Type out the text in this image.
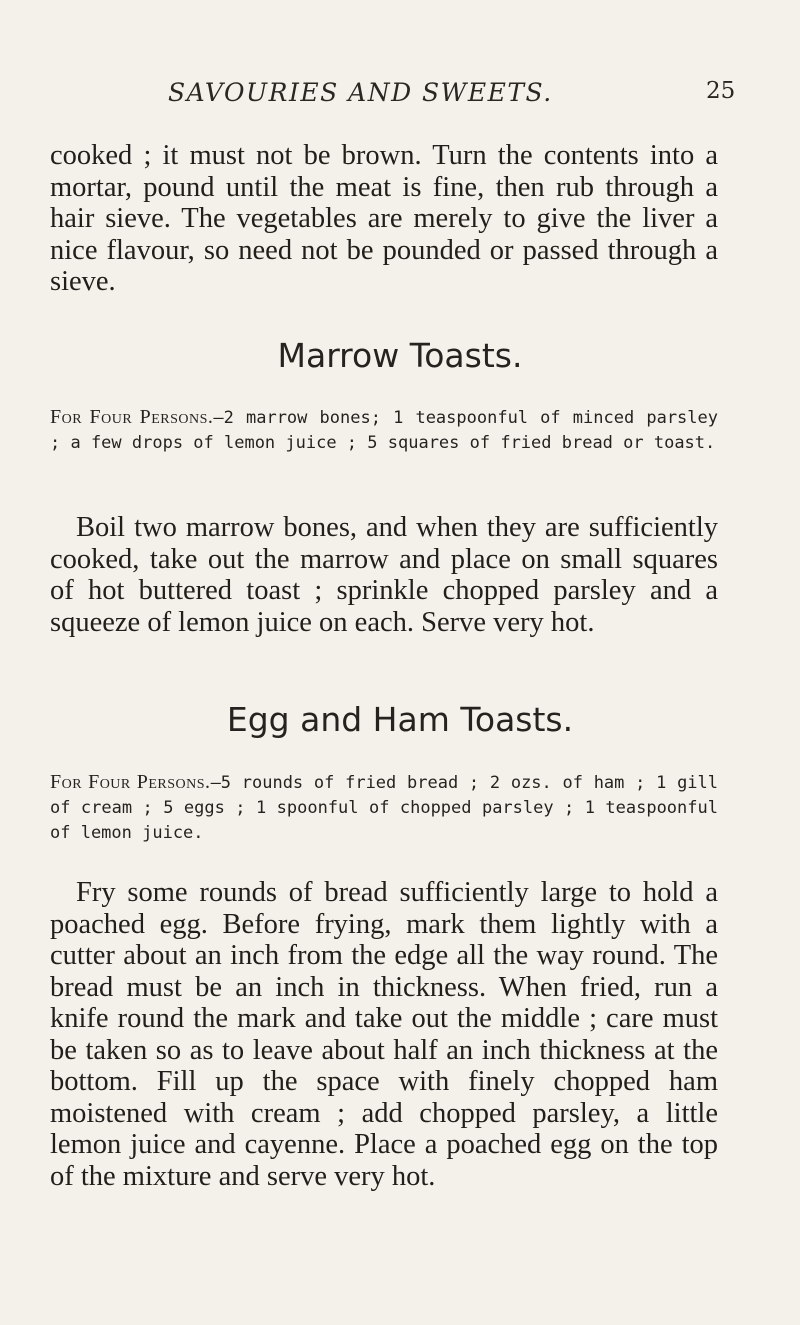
SAVOURIES AND SWEETS.	25

cooked ; it must not be brown. Turn the contents into a mortar, pound until the meat is fine, then rub through a hair sieve. The vegetables are merely to give the liver a nice flavour, so need not be pounded or passed through a sieve.

Marrow Toasts.

For Four Persons.—2 marrow bones; 1 teaspoonful of minced parsley ; a few drops of lemon juice ; 5 squares of fried bread or toast.

Boil two marrow bones, and when they are sufficiently cooked, take out the marrow and place on small squares of hot buttered toast ; sprinkle chopped parsley and a squeeze of lemon juice on each. Serve very hot.

Egg and Ham Toasts.

For Four Persons.—5 rounds of fried bread ; 2 ozs. of ham ; 1 gill of cream ; 5 eggs ; 1 spoonful of chopped parsley ; 1 teaspoonful of lemon juice.

Fry some rounds of bread sufficiently large to hold a poached egg. Before frying, mark them lightly with a cutter about an inch from the edge all the way round. The bread must be an inch in thickness. When fried, run a knife round the mark and take out the middle ; care must be taken so as to leave about half an inch thickness at the bottom. Fill up the space with finely chopped ham moistened with cream ; add chopped parsley, a little lemon juice and cayenne. Place a poached egg on the top of the mixture and serve very hot.
